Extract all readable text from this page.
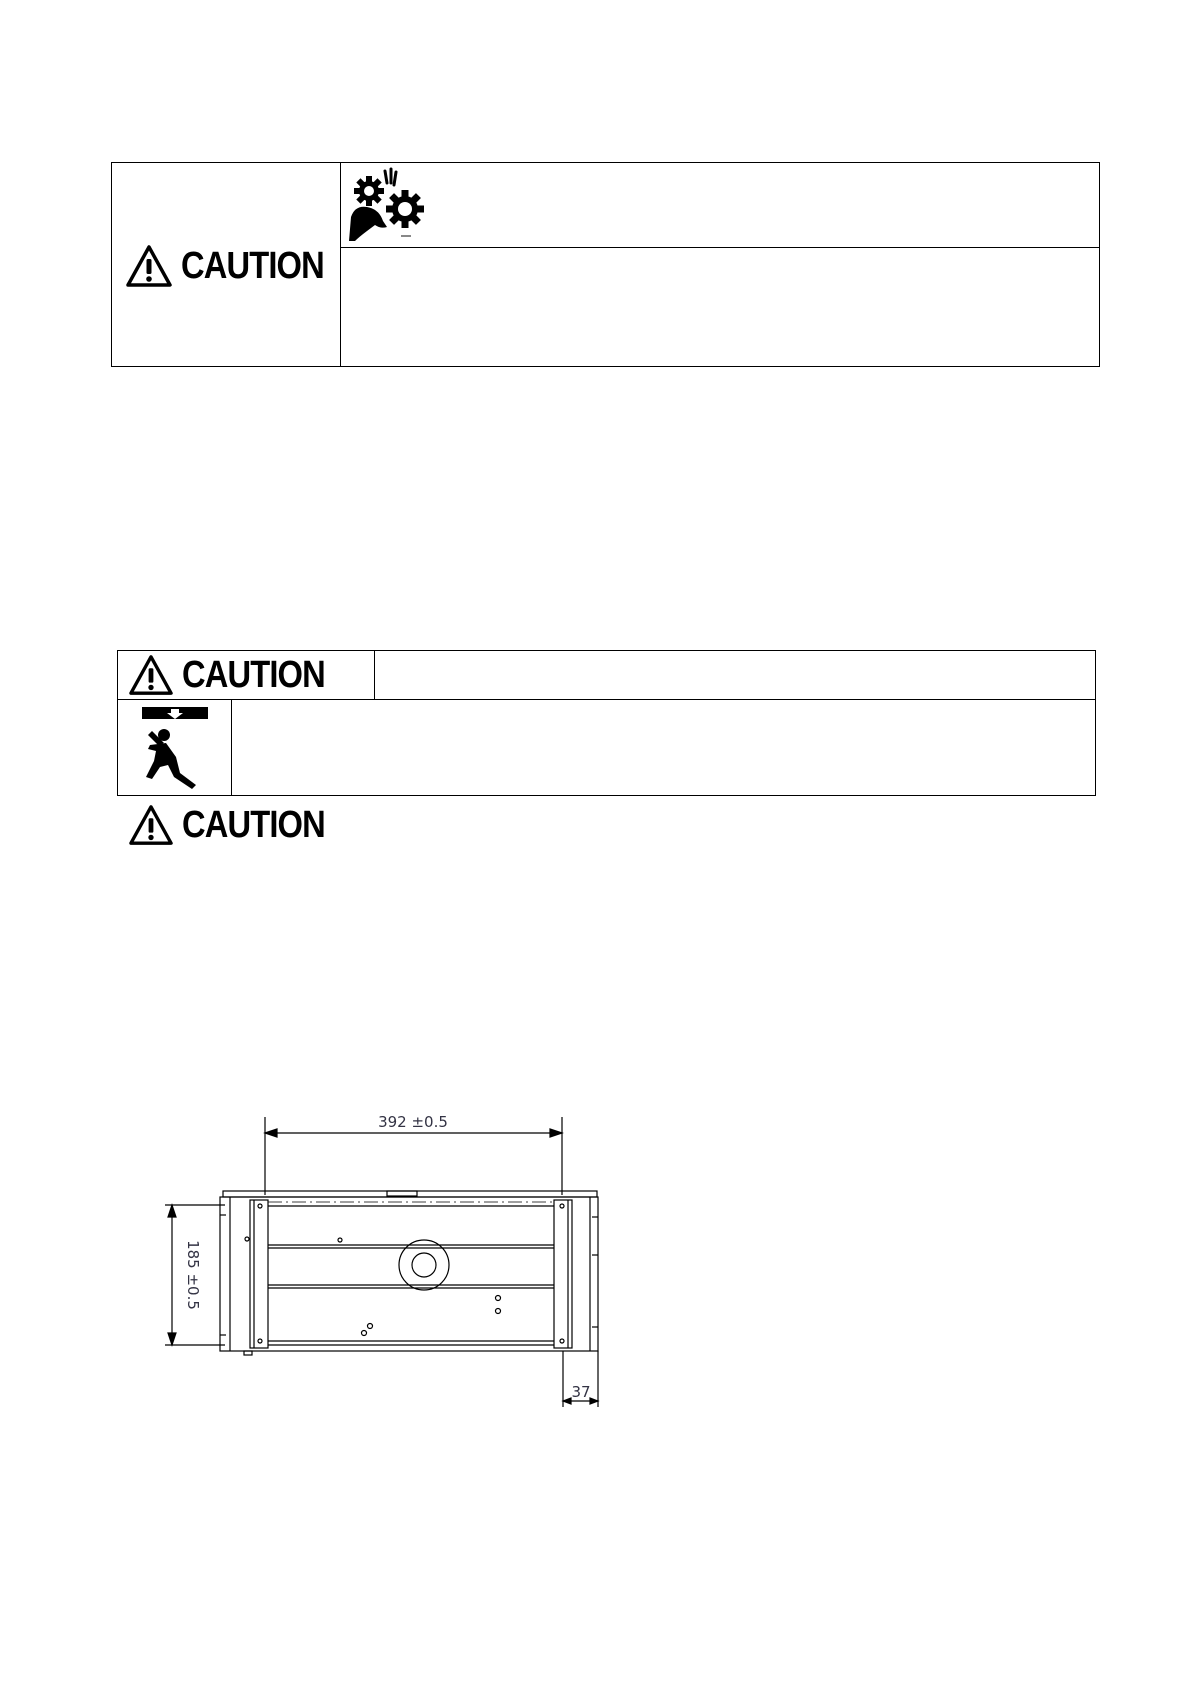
CAUTION
CAUTION
CAUTION
392 ±0.5
185 ±0.5
37
